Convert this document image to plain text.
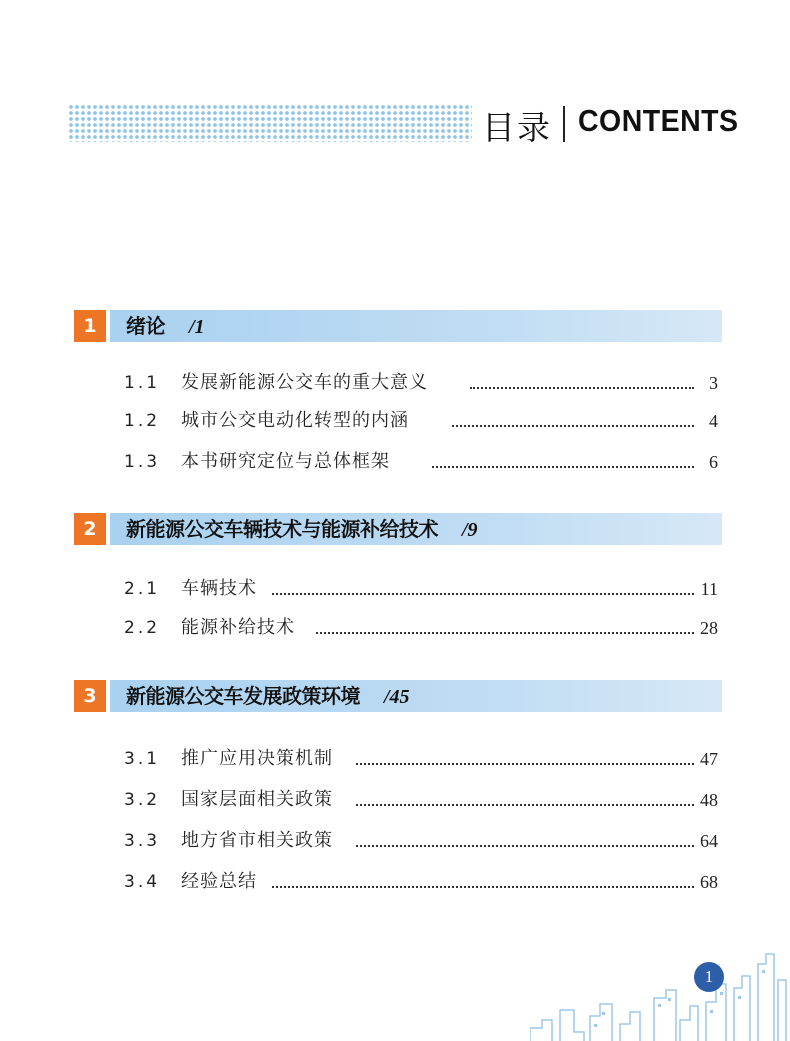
目录 CONTENTS
1	绪论 /1
1.1 发展新能源公交车的重大意义	3
1.2 城市公交电动化转型的内涵	4
1.3 本书研究定位与总体框架	6
2	新能源公交车辆技术与能源补给技术 /9
2.1 车辆技术	11
2.2 能源补给技术	28
3	新能源公交车发展政策环境 /45
3.1 推广应用决策机制	47
3.2 国家层面相关政策	48
3.3 地方省市相关政策	64
3.4 经验总结	68
1
